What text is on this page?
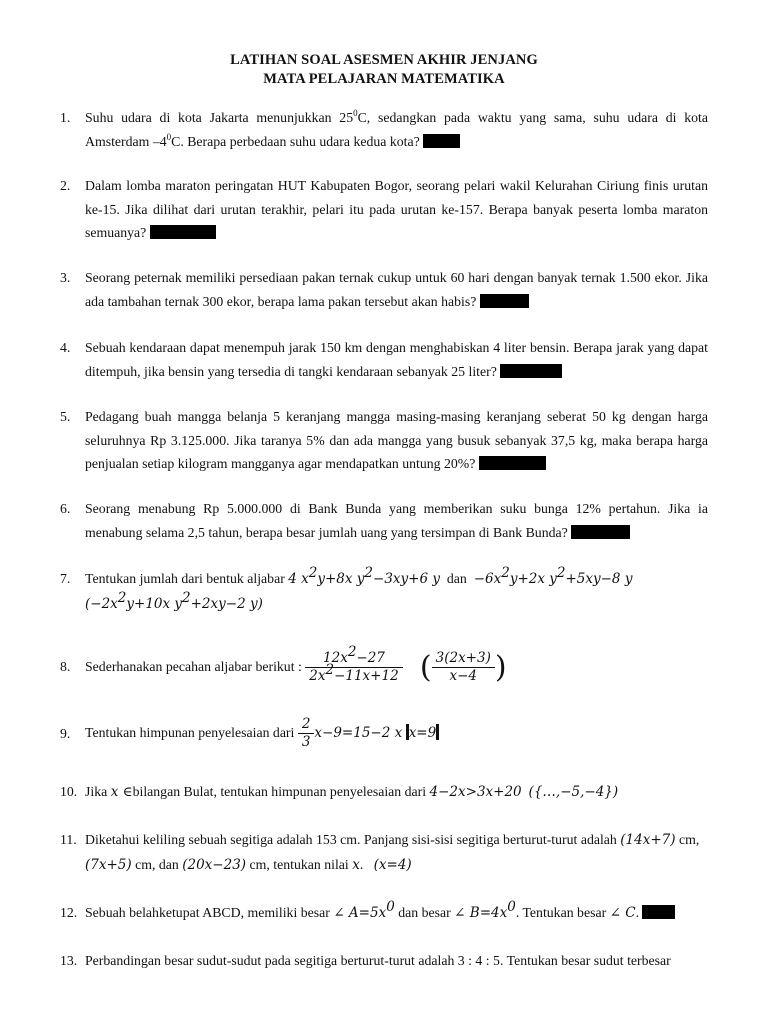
LATIHAN SOAL ASESMEN AKHIR JENJANG
MATA PELAJARAN MATEMATIKA
1. Suhu udara di kota Jakarta menunjukkan $25^0C$, sedangkan pada waktu yang sama, suhu udara di kota Amsterdam $-4^0C$. Berapa perbedaan suhu udara kedua kota?
2. Dalam lomba maraton peringatan HUT Kabupaten Bogor, seorang pelari wakil Kelurahan Ciriung finis urutan ke-15. Jika dilihat dari urutan terakhir, pelari itu pada urutan ke-157. Berapa banyak peserta lomba maraton semuanya?
3. Seorang peternak memiliki persediaan pakan ternak cukup untuk 60 hari dengan banyak ternak 1.500 ekor. Jika ada tambahan ternak 300 ekor, berapa lama pakan tersebut akan habis?
4. Sebuah kendaraan dapat menempuh jarak 150 km dengan menghabiskan 4 liter bensin. Berapa jarak yang dapat ditempuh, jika bensin yang tersedia di tangki kendaraan sebanyak 25 liter?
5. Pedagang buah mangga belanja 5 keranjang mangga masing-masing keranjang seberat 50 kg dengan harga seluruhnya Rp 3.125.000. Jika taranya 5% dan ada mangga yang busuk sebanyak 37,5 kg, maka berapa harga penjualan setiap kilogram mangganya agar mendapatkan untung 20%?
6. Seorang menabung Rp 5.000.000 di Bank Bunda yang memberikan suku bunga 12% pertahun. Jika ia menabung selama 2,5 tahun, berapa besar jumlah uang yang tersimpan di Bank Bunda?
7. Tentukan jumlah dari bentuk aljabar 4 $x^2y+8x$ $y^2-3xy+6$ y dan $-6x^2y+2x$ $y^2+5xy-8$ y
($-2x^2y+10x$ $y^2+2xy-2$ y)
8. Sederhanakan pecahan aljabar berikut : $\frac{12x^2-27}{2x^2-11x+12}$ ( $\frac{3(2x+3)}{x-4}$ )
9. Tentukan himpunan penyelesaian dari $\frac{2}{3} x-9=15-2$ x x=9
10. Jika x ∈bilangan Bulat, tentukan himpunan penyelesaian dari 4−2x>3x+20 ({…,−5,−4})
11. Diketahui keliling sebuah segitiga adalah 153 cm. Panjang sisi-sisi segitiga berturut-turut adalah (14x+7) cm, (7x+5) cm, dan (20x−23) cm, tentukan nilai x. (x=4)
12. Sebuah belahketupat ABCD, memiliki besar ∠ $A=5x^0$ dan besar ∠ $B=4x^0$. Tentukan besar ∠ C.
13. Perbandingan besar sudut-sudut pada segitiga berturut-turut adalah 3 : 4 : 5. Tentukan besar sudut terbesar
